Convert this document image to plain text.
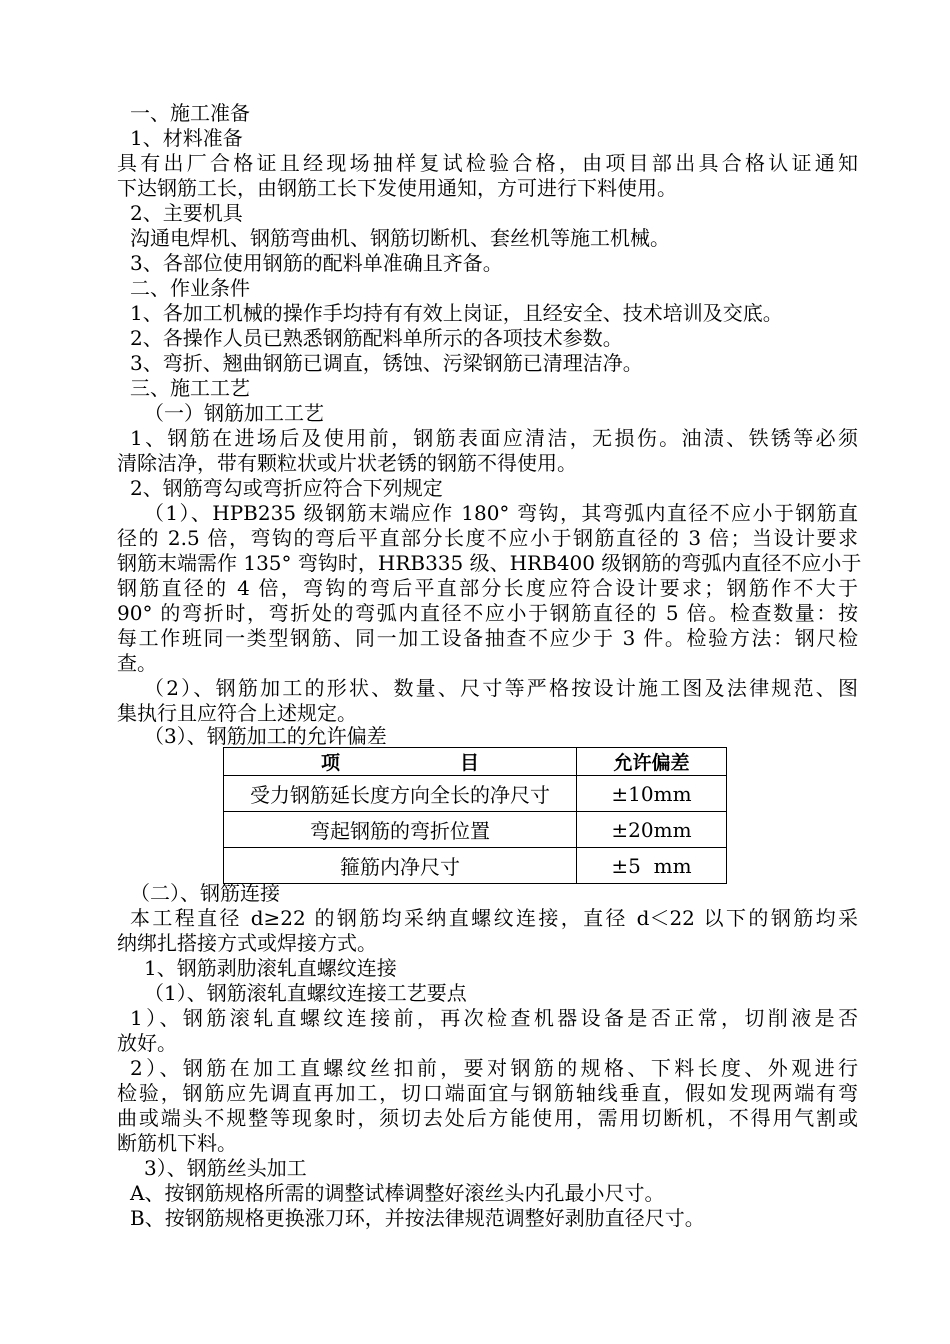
一、施工准备
1、材料准备
具有出厂合格证且经现场抽样复试检验合格，由项目部出具合格认证通知
下达钢筋工长，由钢筋工长下发使用通知，方可进行下料使用。
2、主要机具
沟通电焊机、钢筋弯曲机、钢筋切断机、套丝机等施工机械。
3、各部位使用钢筋的配料单准确且齐备。
二、作业条件
1、各加工机械的操作手均持有有效上岗证，且经安全、技术培训及交底。
2、各操作人员已熟悉钢筋配料单所示的各项技术参数。
3、弯折、翘曲钢筋已调直，锈蚀、污梁钢筋已清理洁净。
三、施工工艺
（一）钢筋加工工艺
1、钢筋在进场后及使用前，钢筋表面应清洁，无损伤。油渍、铁锈等必须
清除洁净，带有颗粒状或片状老锈的钢筋不得使用。
2、钢筋弯勾或弯折应符合下列规定
（1）、HPB235 级钢筋末端应作 180° 弯钩，其弯弧内直径不应小于钢筋直
径的 2.5 倍，弯钩的弯后平直部分长度不应小于钢筋直径的 3 倍；当设计要求
钢筋末端需作 135° 弯钩时，HRB335 级、HRB400 级钢筋的弯弧内直径不应小于
钢筋直径的 4 倍，弯钩的弯后平直部分长度应符合设计要求；钢筋作不大于
90° 的弯折时，弯折处的弯弧内直径不应小于钢筋直径的 5 倍。检查数量：按
每工作班同一类型钢筋、同一加工设备抽查不应少于 3 件。检验方法：钢尺检
查。
（2）、钢筋加工的形状、数量、尺寸等严格按设计施工图及法律规范、图
集执行且应符合上述规定。
（3）、钢筋加工的允许偏差
项 目	允许偏差
受力钢筋延长度方向全长的净尺寸	±10mm
弯起钢筋的弯折位置	±20mm
箍筋内净尺寸	±5  mm
（二）、钢筋连接
本工程直径 d≥22 的钢筋均采纳直螺纹连接，直径 d＜22 以下的钢筋均采
纳绑扎搭接方式或焊接方式。
1、钢筋剥肋滚轧直螺纹连接
（1）、钢筋滚轧直螺纹连接工艺要点
1）、钢筋滚轧直螺纹连接前，再次检查机器设备是否正常，切削液是否
放好。
2）、钢筋在加工直螺纹丝扣前，要对钢筋的规格、下料长度、外观进行
检验，钢筋应先调直再加工，切口端面宜与钢筋轴线垂直，假如发现两端有弯
曲或端头不规整等现象时，须切去处后方能使用，需用切断机，不得用气割或
断筋机下料。
3）、钢筋丝头加工
A、按钢筋规格所需的调整试棒调整好滚丝头内孔最小尺寸。
B、按钢筋规格更换涨刀环，并按法律规范调整好剥肋直径尺寸。
